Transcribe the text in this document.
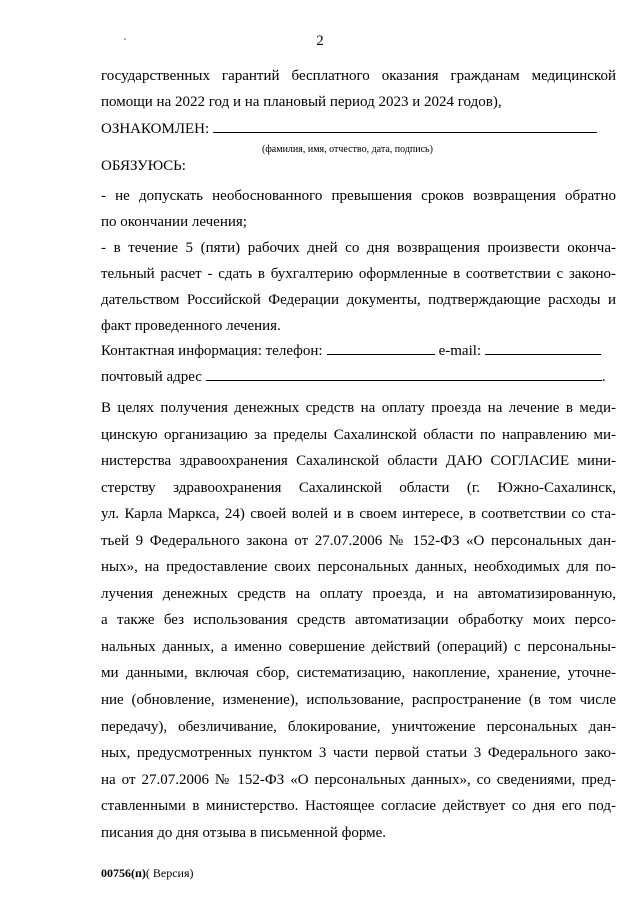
2
государственных гарантий бесплатного оказания гражданам медицинской
помощи на 2022 год и на плановый период 2023 и 2024 годов),
ОЗНАКОМЛЕН:
(фамилия, имя, отчество, дата, подпись)
ОБЯЗУЮСЬ:
- не допускать необоснованного превышения сроков возвращения обратно
по окончании лечения;
- в течение 5 (пяти) рабочих дней со дня возвращения произвести оконча-
тельный расчет - сдать в бухгалтерию оформленные в соответствии с законо-
дательством Российской Федерации документы, подтверждающие расходы и
факт проведенного лечения.
Контактная информация: телефон:	e-mail:
почтовый адрес	.
В целях получения денежных средств на оплату проезда на лечение в меди-
цинскую организацию за пределы Сахалинской области по направлению ми-
нистерства здравоохранения Сахалинской области ДАЮ СОГЛАСИЕ мини-
стерству здравоохранения Сахалинской области (г. Южно-Сахалинск,
ул. Карла Маркса, 24) своей волей и в своем интересе, в соответствии со ста-
тьей 9 Федерального закона от 27.07.2006 № 152-ФЗ «О персональных дан-
ных», на предоставление своих персональных данных, необходимых для по-
лучения денежных средств на оплату проезда, и на автоматизированную,
а также без использования средств автоматизации обработку моих персо-
нальных данных, а именно совершение действий (операций) с персональны-
ми данными, включая сбор, систематизацию, накопление, хранение, уточне-
ние (обновление, изменение), использование, распространение (в том числе
передачу), обезличивание, блокирование, уничтожение персональных дан-
ных, предусмотренных пунктом 3 части первой статьи 3 Федерального зако-
на от 27.07.2006 № 152-ФЗ «О персональных данных», со сведениями, пред-
ставленными в министерство. Настоящее согласие действует со дня его под-
писания до дня отзыва в письменной форме.
00756(п)( Версия)
